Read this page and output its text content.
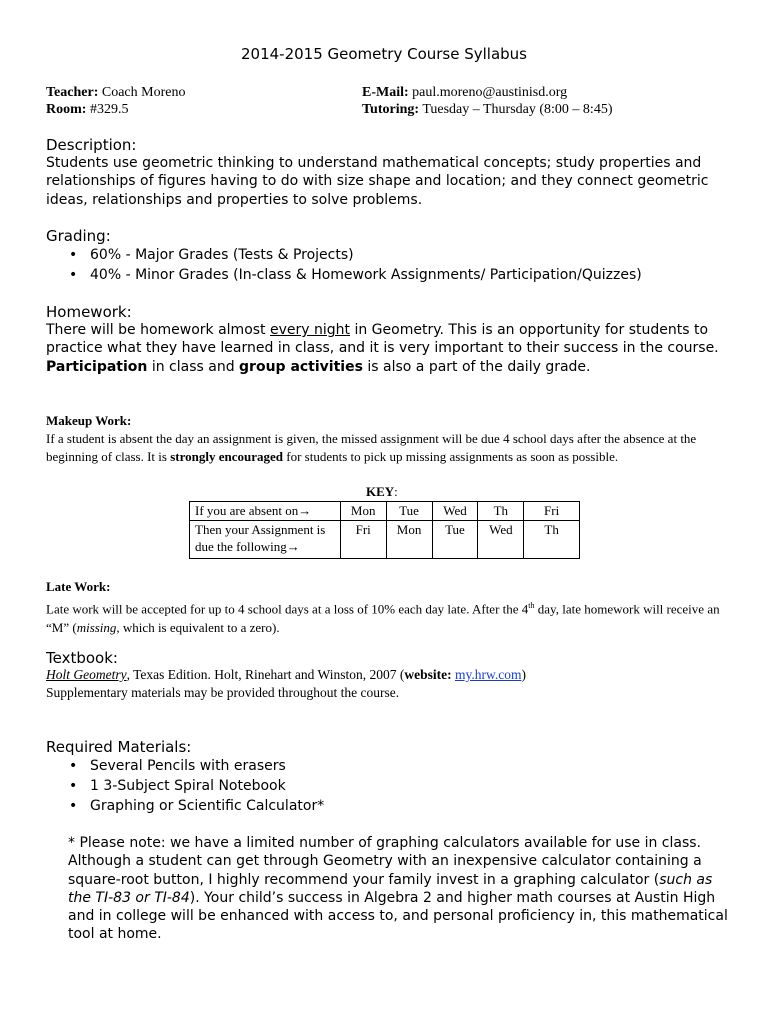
2014-2015 Geometry Course Syllabus
Teacher: Coach Moreno
Room: #329.5
E-Mail: paul.moreno@austinisd.org
Tutoring: Tuesday – Thursday (8:00 – 8:45)
Description:
Students use geometric thinking to understand mathematical concepts; study properties and relationships of figures having to do with size shape and location; and they connect geometric ideas, relationships and properties to solve problems.
Grading:
• 60% - Major Grades (Tests & Projects)
• 40% - Minor Grades (In-class & Homework Assignments/ Participation/Quizzes)
Homework:
There will be homework almost every night in Geometry. This is an opportunity for students to practice what they have learned in class, and it is very important to their success in the course. Participation in class and group activities is also a part of the daily grade.
Makeup Work:
If a student is absent the day an assignment is given, the missed assignment will be due 4 school days after the absence at the beginning of class. It is strongly encouraged for students to pick up missing assignments as soon as possible.
KEY:
If you are absent on→	Mon	Tue	Wed	Th	Fri
Then your Assignment is due the following→	Fri	Mon	Tue	Wed	Th
Late Work:
Late work will be accepted for up to 4 school days at a loss of 10% each day late. After the 4th day, late homework will receive an “M” (missing, which is equivalent to a zero).
Textbook:
Holt Geometry, Texas Edition. Holt, Rinehart and Winston, 2007 (website: my.hrw.com)
Supplementary materials may be provided throughout the course.
Required Materials:
• Several Pencils with erasers
• 1 3-Subject Spiral Notebook
• Graphing or Scientific Calculator*
* Please note: we have a limited number of graphing calculators available for use in class. Although a student can get through Geometry with an inexpensive calculator containing a square-root button, I highly recommend your family invest in a graphing calculator (such as the TI-83 or TI-84). Your child’s success in Algebra 2 and higher math courses at Austin High and in college will be enhanced with access to, and personal proficiency in, this mathematical tool at home.
